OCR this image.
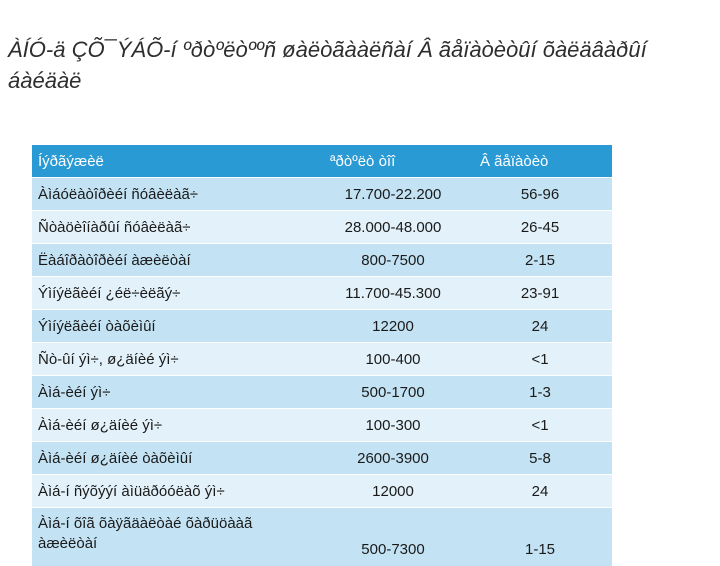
ÀÍÓ-ä ÇÕ¯ÝÁÕ-í ºðòºëòººñ øàëòãààëñàí Â ãåïàòèòûí õàëäâàðûí áàéäàë
Íýðãýæèë	ªðòºëò òîî	Â ãåïàòèò
Àìáóëàòîðèéí ñóâèëàã÷	17.700-22.200	56-96
Ñòàöèîíàðûí ñóâèëàã÷	28.000-48.000	26-45
Ëàáîðàòîðèéí àæèëòàí	800-7500	2-15
Ýìíýëãèéí ¿éë÷èëãý÷	11.700-45.300	23-91
Ýìíýëãèéí òàõèìûí	12200	24
Ñò-ûí ýì÷, ø¿äíèé ýì÷	100-400	<1
Àìá-èéí ýì÷	500-1700	1-3
Àìá-èéí ø¿äíèé ýì÷	100-300	<1
Àìá-èéí ø¿äíèé òàõèìûí	2600-3900	5-8
Àìá-í ñýõýýí àìüäðóóëàõ ýì÷	12000	24
Àìá-í õîã õàÿãäàëòàé õàðüöààã àæèëòàí	500-7300	1-15
